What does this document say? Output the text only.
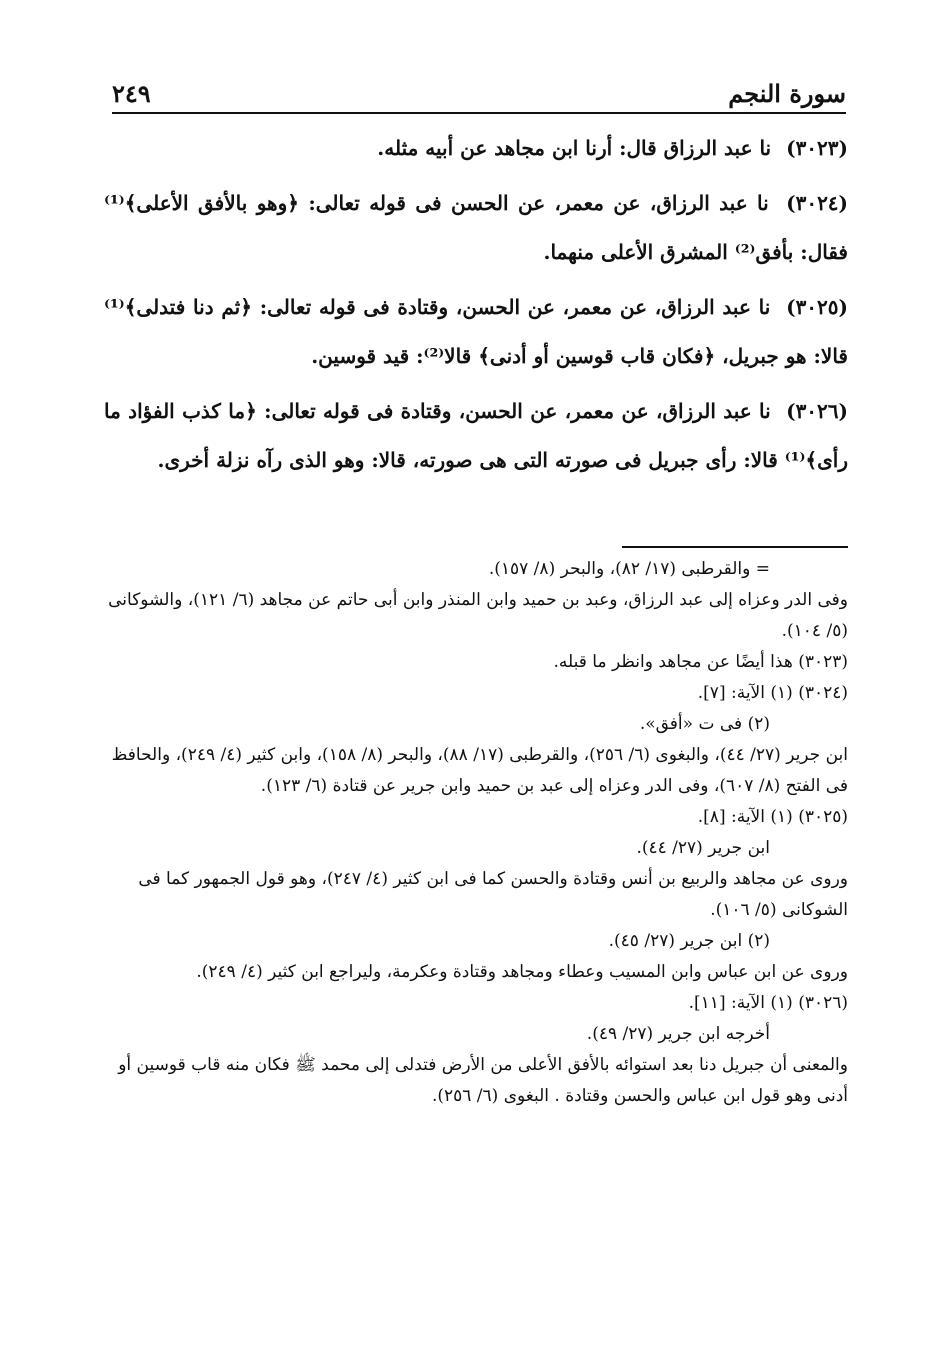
٢٤٩	سورة النجم

(٣٠٢٣) نا عبد الرزاق قال: أرنا ابن مجاهد عن أبيه مثله.

(٣٠٢٤) نا عبد الرزاق، عن معمر، عن الحسن فى قوله تعالى: ﴿وهو بالأفق الأعلى﴾⁽¹⁾ فقال: بأفق⁽²⁾ المشرق الأعلى منهما.

(٣٠٢٥) نا عبد الرزاق، عن معمر، عن الحسن، وقتادة فى قوله تعالى: ﴿ثم دنا فتدلى﴾⁽¹⁾ قالا: هو جبريل، ﴿فكان قاب قوسين أو أدنى﴾ قالا⁽²⁾: قيد قوسين.

(٣٠٢٦) نا عبد الرزاق، عن معمر، عن الحسن، وقتادة فى قوله تعالى: ﴿ما كذب الفؤاد ما رأى﴾⁽¹⁾ قالا: رأى جبريل فى صورته التى هى صورته، قالا: وهو الذى رآه نزلة أخرى.

= والقرطبى (١٧/ ٨٢)، والبحر (٨/ ١٥٧).

وفى الدر وعزاه إلى عبد الرزاق، وعبد بن حميد وابن المنذر وابن أبى حاتم عن مجاهد (٦/ ١٢١)، والشوكانى (٥/ ١٠٤).

(٣٠٢٣) هذا أيضًا عن مجاهد وانظر ما قبله.

(٣٠٢٤) (١) الآية: [٧].

(٢) فى ت «أفق».

ابن جرير (٢٧/ ٤٤)، والبغوى (٦/ ٢٥٦)، والقرطبى (١٧/ ٨٨)، والبحر (٨/ ١٥٨)، وابن كثير (٤/ ٢٤٩)، والحافظ فى الفتح (٨/ ٦٠٧)، وفى الدر وعزاه إلى عبد بن حميد وابن جرير عن قتادة (٦/ ١٢٣).

(٣٠٢٥) (١) الآية: [٨].

ابن جرير (٢٧/ ٤٤).

وروى عن مجاهد والربيع بن أنس وقتادة والحسن كما فى ابن كثير (٤/ ٢٤٧)، وهو قول الجمهور كما فى الشوكانى (٥/ ١٠٦).

(٢) ابن جرير (٢٧/ ٤٥).

وروى عن ابن عباس وابن المسيب وعطاء ومجاهد وقتادة وعكرمة، وليراجع ابن كثير (٤/ ٢٤٩).

(٣٠٢٦) (١) الآية: [١١].

أخرجه ابن جرير (٢٧/ ٤٩).

والمعنى أن جبريل دنا بعد استوائه بالأفق الأعلى من الأرض فتدلى إلى محمد ﷺ فكان منه قاب قوسين أو أدنى وهو قول ابن عباس والحسن وقتادة . البغوى (٦/ ٢٥٦).
